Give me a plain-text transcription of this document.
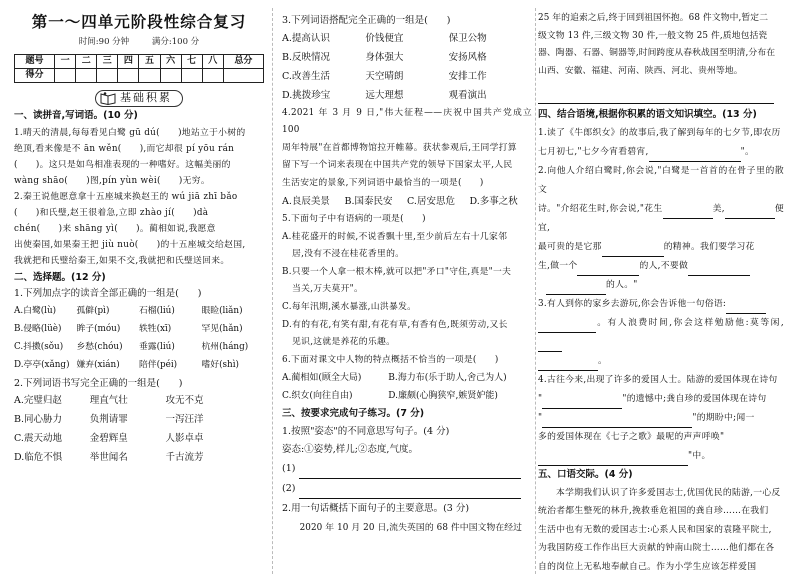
第一～四单元阶段性综合复习
时间:90 分钟	满分:100 分
题号	一	二	三	四	五	六	七	八	总分
得分									
基础积累
一、读拼音,写词语。(10 分)
1.晴天的清晨,每每看见白鹭 gū dú(　　)地站立于小树的
绝顶,看来像是不 ān wěn(　　),而它却很 pí yōu rán
(　　)。这只是如鸟相准表现的一种嗜好。这幅美丽的
wàng shāo(　　)图,pín yùn wèi(　　)无穷。
2.秦王说他愿意拿十五座城来换赵王的 wú jiā zhī bǎo
(　　)和氏璧,赵王很着急,立即 zhào jí(　　)dà
chén(　　)来 shāng yì(　　)。蔺相如说,我愿意
出使秦国,如果秦王把 jiù nuò(　　)的十五座城交给赵国,
我就把和氏璧给秦王,如果不交,我就把和氏璧送回来。
二、选择题。(12 分)
1.下列加点字的读音全部正确的一组是(　　)
A.白鹭(lù)	孤僻(pì)	石榴(liú)	眼睑(liǎn)
B.侵略(lüè)	眸子(móu)	轶牲(xī)	罕见(hǎn)
C.抖擞(sǒu)	乡愁(chóu)	垂露(liú)	杭州(háng)
D.亭亭(xǎng) 嫌弃(xián)	陪伴(péi)	嗜好(shì)
2.下列词语书写完全正确的一组是(　　)
A.完璧归赵	理直气壮	攻无不克
B.同心胁力	负荆请罪	一泻汪洋
C.震天动地	金碧辉皇	人影卓卓
D.临危不惧	举世闻名	千古流芳
3.下列词语搭配完全正确的一组是(　　)
A.提高认识	价钱便宜	保卫公物
B.反映情况	身体强大	安扬风格
C.改善生活	天空晴朗	安排工作
D.挑拨珍宝	远大理想	观看演出
4.2021 年 3 月 9 日,"伟大征程——庆祝中国共产党成立 100
周年特展"在首都博物馆拉开帷幕。获状参观后,王同学打算
留下写一个词来表现在中国共产党的领导下国家太平,人民
生活安定的景象,下列词语中最恰当的一项是(　　)
A.良辰美景	B.国泰民安	C.居安思危	D.多事之秋
5.下面句子中有语病的一项是(　　)
A.桂花盛开的时候,不说香飘十里,至少前后左右十几家邻
居,没有不浸在桂花香里的。
B.只要一个人拿一根木棒,就可以把"矛口"守住,真是"一夫
当关,万夫莫开"。
C.每年汛期,溪水暴涨,山洪暴发。
D.有的有花,有笑有甜,有花有草,有香有色,既须劳动,又长
见识,这就是养花的乐趣。
6.下面对课文中人物的特点概括不恰当的一项是(　　)
A.蔺相如(顾全大局)	B.海力布(乐于助人,舍己为人)
C.织女(向往自由)	D.廉颇(心胸狭窄,嫉贤妒能)
三、按要求完成句子练习。(7 分)
1.按照"姿态"的不同意思写句子。(4 分)
姿态:①姿势,样儿;②态度,气度。
(1)
(2)
2.用一句话概括下面句子的主要意思。(3 分)
2020 年 10 月 20 日,流失英国的 68 件中国文物在经过
25 年的追索之后,终于回到祖国怀抱。68 件文物中,暂定二
级文物 13 件,三级文物 30 件,一般文物 25 件,质地包括瓷
器、陶器、石器、铜器等,时间跨度从春秋战国至明清,分布在
山西、安徽、福建、河南、陕西、河北、贵州等地。
四、结合语境,根据你积累的语文知识填空。(13 分)
1.读了《牛郎织女》的故事后,我了解到每年的七夕节,即农历
七月初七,"七夕今宵看碧宵,	"。
2.向他人介绍白鹭时,你会说,"白鹭是一首首的在骨子里的散文
诗。"介绍花生时,你会说,"花生	美,	便宜,
最可贵的是它那	的精神。我们要学习花
生,做一个	的人,不要做
的人。"
3.有人到你的家乡去游玩,你会告诉他一句俗语:
。有人浪费时间,你会这样勉励他:莫等闲,
。
4.古往今来,出现了许多的爱国人士。陆游的爱国体现在诗句
"	"的遗憾中;龚自珍的爱国体现在诗句
"	"的期盼中;闻一
多的爱国体现在《七子之歌》最呢的声声呼唤"
"中。
五、口语交际。(4 分)
本学期我们认识了许多爱国志士,优国优民的陆游,一心反
统治者都生整死的林升,挽救垂危祖国的龚自珍……在我们
生活中也有无数的爱国志士:心系人民和国家的袁隆平院士,
为我国防疫工作作出巨大贡献的钟南山院士……他们都在各
自的岗位上无私地奉献自己。作为小学生应该怎样爱国
